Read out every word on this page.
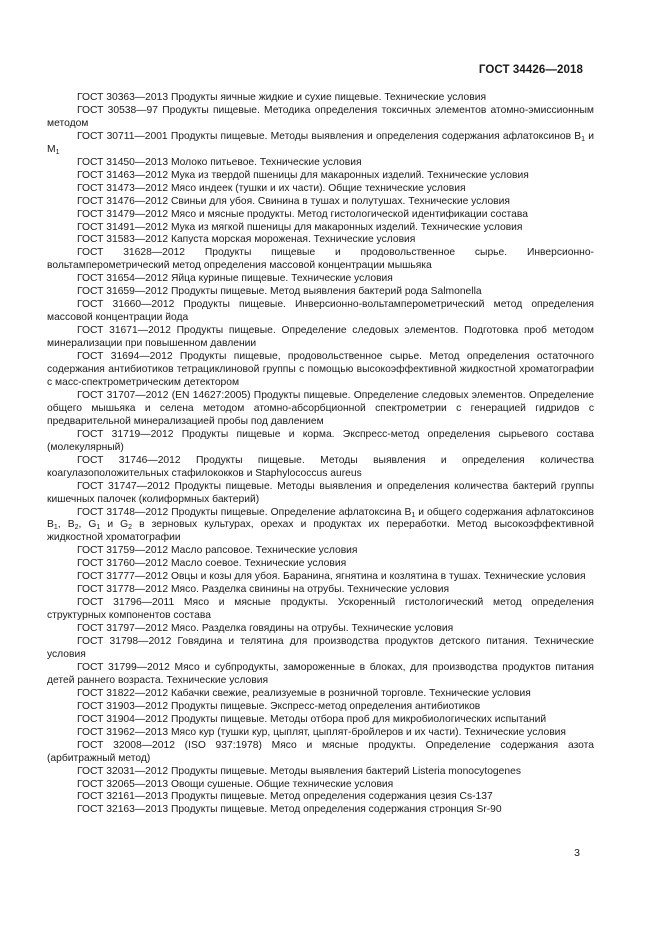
ГОСТ 34426—2018

ГОСТ 30363—2013 Продукты яичные жидкие и сухие пищевые. Технические условия

ГОСТ 30538—97 Продукты пищевые. Методика определения токсичных элементов атомно-эмиссионным методом

ГОСТ 30711—2001 Продукты пищевые. Методы выявления и определения содержания афлатоксинов $B_1$ и $M_1$

ГОСТ 31450—2013 Молоко питьевое. Технические условия

ГОСТ 31463—2012 Мука из твердой пшеницы для макаронных изделий. Технические условия

ГОСТ 31473—2012 Мясо индеек (тушки и их части). Общие технические условия

ГОСТ 31476—2012 Свиньи для убоя. Свинина в тушах и полутушах. Технические условия

ГОСТ 31479—2012 Мясо и мясные продукты. Метод гистологической идентификации состава

ГОСТ 31491—2012 Мука из мягкой пшеницы для макаронных изделий. Технические условия

ГОСТ 31583—2012 Капуста морская мороженая. Технические условия

ГОСТ 31628—2012 Продукты пищевые и продовольственное сырье. Инверсионно-вольтамперометрический метод определения массовой концентрации мышьяка

ГОСТ 31654—2012 Яйца куриные пищевые. Технические условия

ГОСТ 31659—2012 Продукты пищевые. Метод выявления бактерий рода Salmonella

ГОСТ 31660—2012 Продукты пищевые. Инверсионно-вольтамперометрический метод определения массовой концентрации йода

ГОСТ 31671—2012 Продукты пищевые. Определение следовых элементов. Подготовка проб методом минерализации при повышенном давлении

ГОСТ 31694—2012 Продукты пищевые, продовольственное сырье. Метод определения остаточного содержания антибиотиков тетрациклиновой группы с помощью высокоэффективной жидкостной хроматографии с масс-спектрометрическим детектором

ГОСТ 31707—2012 (EN 14627:2005) Продукты пищевые. Определение следовых элементов. Определение общего мышьяка и селена методом атомно-абсорбционной спектрометрии с генерацией гидридов с предварительной минерализацией пробы под давлением

ГОСТ 31719—2012 Продукты пищевые и корма. Экспресс-метод определения сырьевого состава (молекулярный)

ГОСТ 31746—2012 Продукты пищевые. Методы выявления и определения количества коагулазоположительных стафилококков и Staphylococcus aureus

ГОСТ 31747—2012 Продукты пищевые. Методы выявления и определения количества бактерий группы кишечных палочек (колиформных бактерий)

ГОСТ 31748—2012 Продукты пищевые. Определение афлатоксина $B_1$ и общего содержания афлатоксинов $B_1$, $B_2$, $G_1$ и $G_2$ в зерновых культурах, орехах и продуктах их переработки. Метод высокоэффективной жидкостной хроматографии

ГОСТ 31759—2012 Масло рапсовое. Технические условия

ГОСТ 31760—2012 Масло соевое. Технические условия

ГОСТ 31777—2012 Овцы и козы для убоя. Баранина, ягнятина и козлятина в тушах. Технические условия

ГОСТ 31778—2012 Мясо. Разделка свинины на отрубы. Технические условия

ГОСТ 31796—2011 Мясо и мясные продукты. Ускоренный гистологический метод определения структурных компонентов состава

ГОСТ 31797—2012 Мясо. Разделка говядины на отрубы. Технические условия

ГОСТ 31798—2012 Говядина и телятина для производства продуктов детского питания. Технические условия

ГОСТ 31799—2012 Мясо и субпродукты, замороженные в блоках, для производства продуктов питания детей раннего возраста. Технические условия

ГОСТ 31822—2012 Кабачки свежие, реализуемые в розничной торговле. Технические условия

ГОСТ 31903—2012 Продукты пищевые. Экспресс-метод определения антибиотиков

ГОСТ 31904—2012 Продукты пищевые. Методы отбора проб для микробиологических испытаний

ГОСТ 31962—2013 Мясо кур (тушки кур, цыплят, цыплят-бройлеров и их части). Технические условия

ГОСТ 32008—2012 (ISO 937:1978) Мясо и мясные продукты. Определение содержания азота (арбитражный метод)

ГОСТ 32031—2012 Продукты пищевые. Методы выявления бактерий Listeria monocytogenes

ГОСТ 32065—2013 Овощи сушеные. Общие технические условия

ГОСТ 32161—2013 Продукты пищевые. Метод определения содержания цезия Cs-137

ГОСТ 32163—2013 Продукты пищевые. Метод определения содержания стронция Sr-90

3
